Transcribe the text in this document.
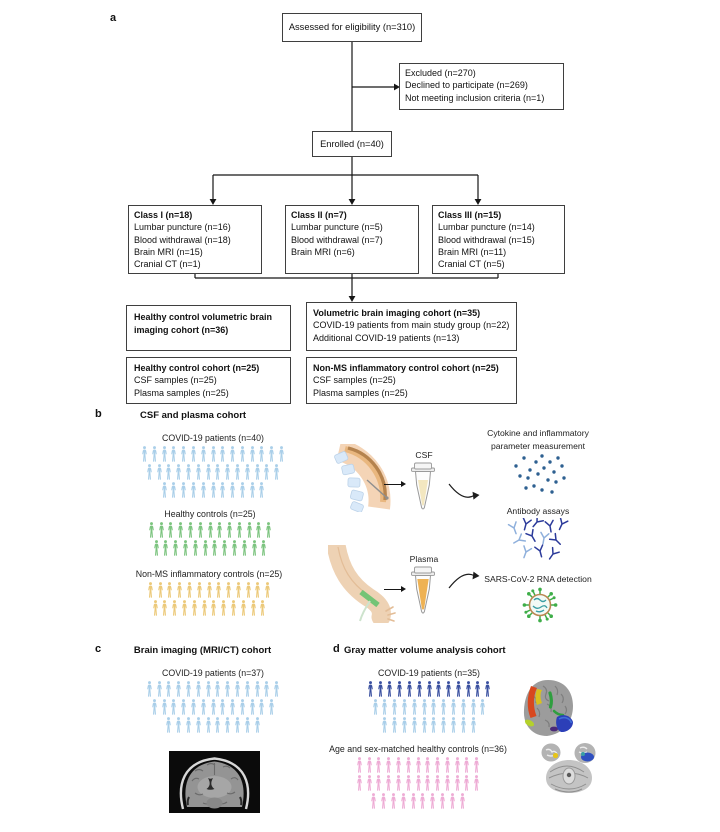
a
Assessed for eligibility (n=310)
Excluded (n=270)
Declined to participate (n=269)
Not meeting inclusion criteria (n=1)
Enrolled (n=40)
Class I (n=18)
Lumbar puncture (n=16)
Blood withdrawal (n=18)
Brain MRI (n=15)
Cranial CT (n=1)
Class II (n=7)
Lumbar puncture (n=5)
Blood withdrawal (n=7)
Brain MRI (n=6)
Class III (n=15)
Lumbar puncture (n=14)
Blood withdrawal (n=15)
Brain MRI (n=11)
Cranial CT (n=5)
Healthy control volumetric brain imaging cohort (n=36)
Volumetric brain imaging cohort (n=35)
COVID-19 patients from main study group (n=22)
Additional COVID-19 patients (n=13)
Healthy control cohort (n=25)
CSF samples (n=25)
Plasma samples (n=25)
Non-MS inflammatory control cohort (n=25)
CSF samples (n=25)
Plasma samples (n=25)
b	CSF and plasma cohort
COVID-19 patients (n=40)
Healthy controls (n=25)
Non-MS inflammatory controls (n=25)
CSF
Cytokine and inflammatory
parameter measurement
Antibody assays
Plasma
SARS-CoV-2 RNA detection
c	Brain imaging (MRI/CT) cohort
COVID-19 patients (n=37)
d Gray matter volume analysis cohort
COVID-19 patients (n=35)
Age and sex-matched healthy controls (n=36)
